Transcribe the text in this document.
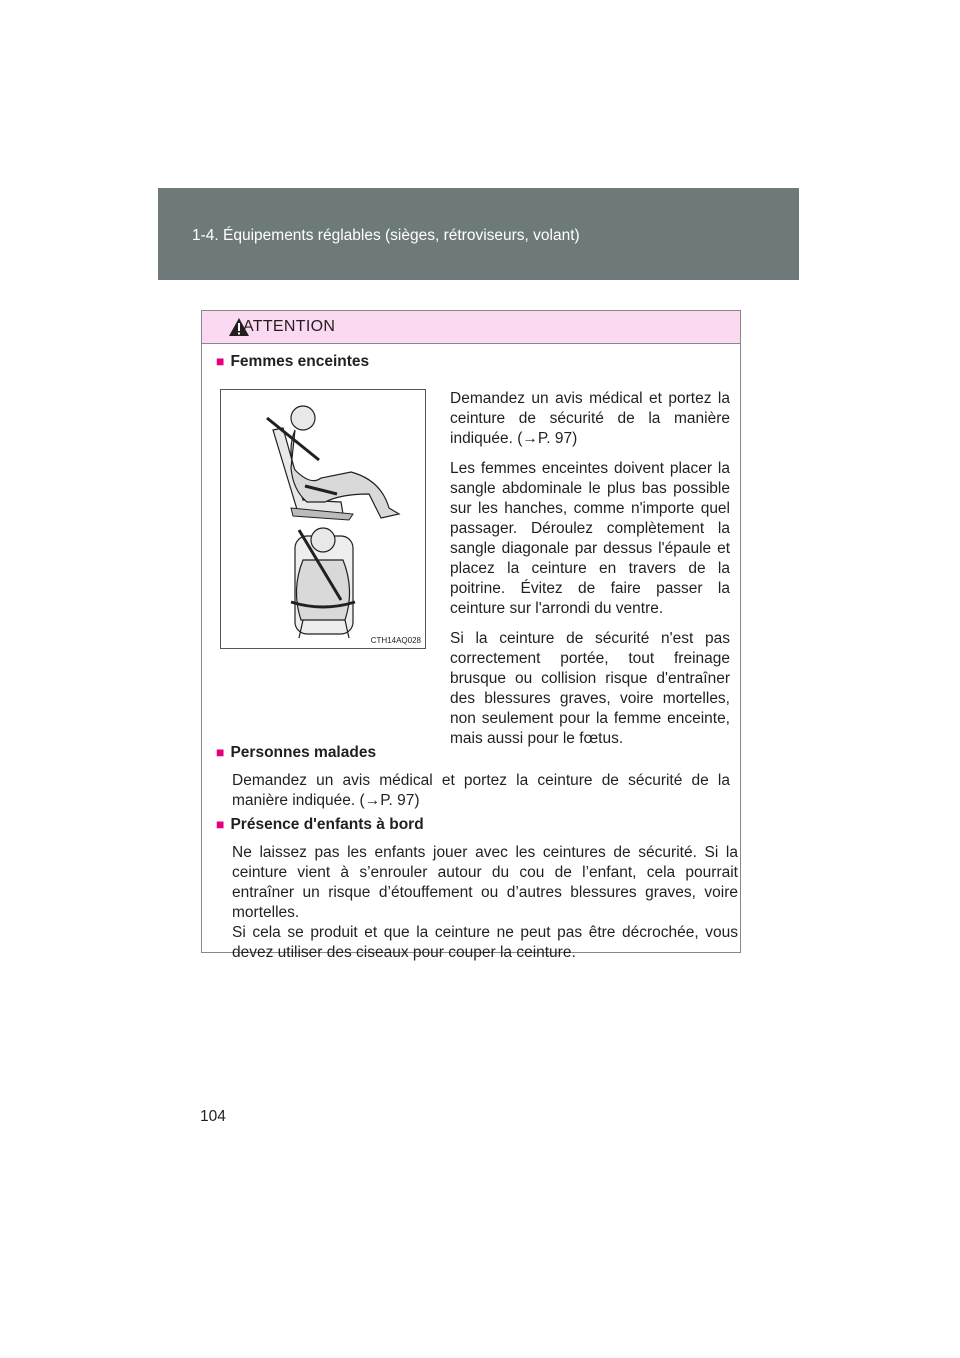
1-4. Équipements réglables (sièges, rétroviseurs, volant)
ATTENTION
■ Femmes enceintes
CTH14AQ028

Demandez un avis médical et portez la ceinture de sécurité de la manière indiquée. (→P. 97)

Les femmes enceintes doivent placer la sangle abdominale le plus bas possible sur les hanches, comme n'importe quel passager. Déroulez complètement la sangle diagonale par dessus l'épaule et placez la ceinture en travers de la poitrine. Évitez de faire passer la ceinture sur l'arrondi du ventre.

Si la ceinture de sécurité n'est pas correctement portée, tout freinage brusque ou collision risque d'entraîner des blessures graves, voire mortelles, non seulement pour la femme enceinte, mais aussi pour le fœtus.

■ Personnes malades

Demandez un avis médical et portez la ceinture de sécurité de la manière indiquée. (→P. 97)

■ Présence d'enfants à bord

Ne laissez pas les enfants jouer avec les ceintures de sécurité. Si la ceinture vient à s’enrouler autour du cou de l’enfant, cela pourrait entraîner un risque d’étouffement ou d’autres blessures graves, voire mortelles.

Si cela se produit et que la ceinture ne peut pas être décrochée, vous devez utiliser des ciseaux pour couper la ceinture.

104
